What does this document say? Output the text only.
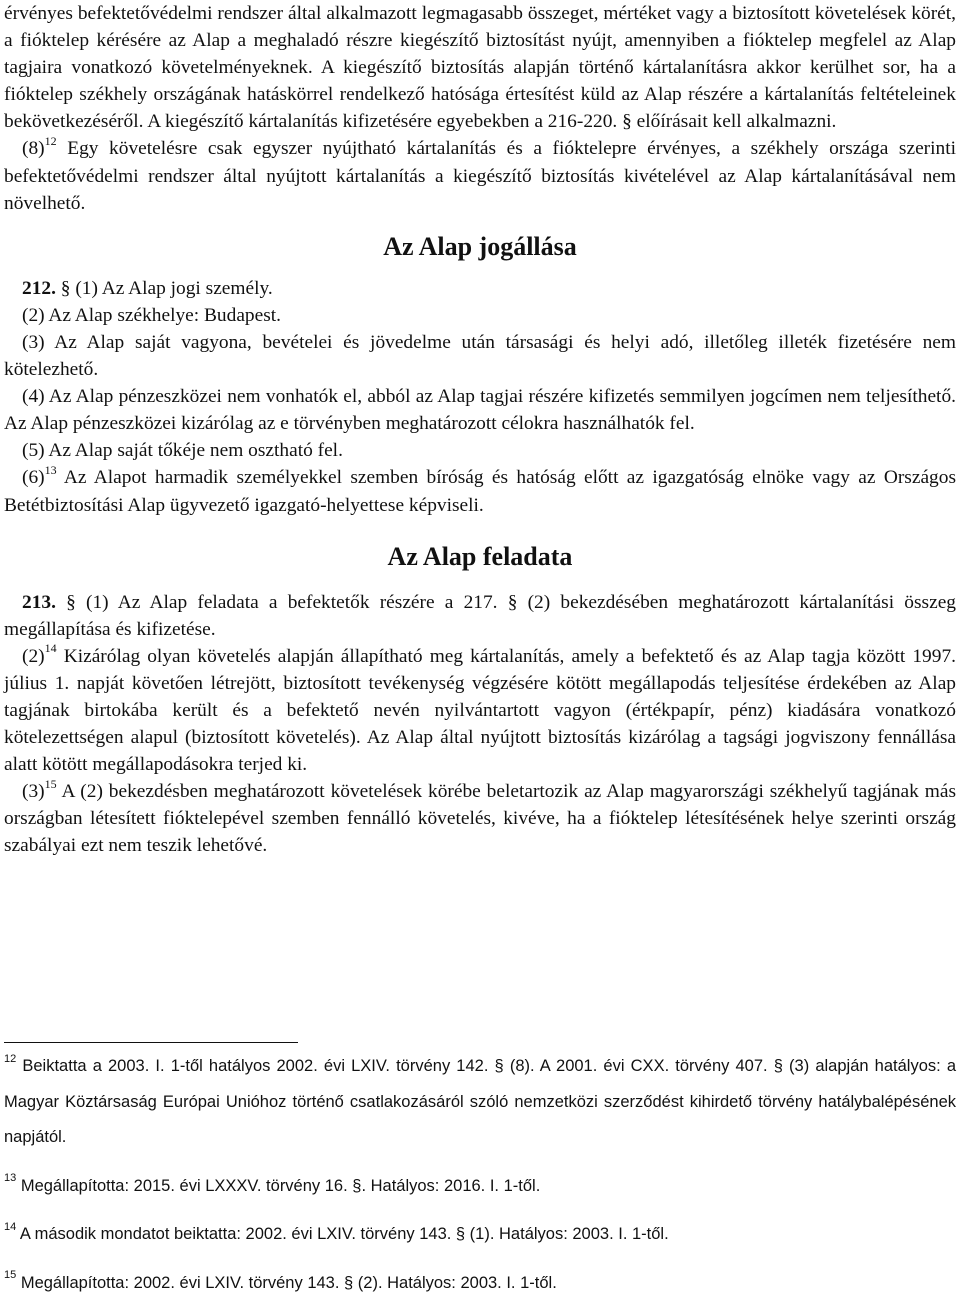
érvényes befektetővédelmi rendszer által alkalmazott legmagasabb összeget, mértéket vagy a biztosított követelések körét, a fióktelep kérésére az Alap a meghaladó részre kiegészítő biztosítást nyújt, amennyiben a fióktelep megfelel az Alap tagjaira vonatkozó követelményeknek. A kiegészítő biztosítás alapján történő kártalanításra akkor kerülhet sor, ha a fióktelep székhely országának hatáskörrel rendelkező hatósága értesítést küld az Alap részére a kártalanítás feltételeinek bekövetkezéséről. A kiegészítő kártalanítás kifizetésére egyebekben a 216-220. § előírásait kell alkalmazni.

$(8)^{12}$ Egy követelésre csak egyszer nyújtható kártalanítás és a fióktelepre érvényes, a székhely országa szerinti befektetővédelmi rendszer által nyújtott kártalanítás a kiegészítő biztosítás kivételével az Alap kártalanításával nem növelhető.

Az Alap jogállása

212. § (1) Az Alap jogi személy.

(2) Az Alap székhelye: Budapest.

(3) Az Alap saját vagyona, bevételei és jövedelme után társasági és helyi adó, illetőleg illeték fizetésére nem kötelezhető.

(4) Az Alap pénzeszközei nem vonhatók el, abból az Alap tagjai részére kifizetés semmilyen jogcímen nem teljesíthető. Az Alap pénzeszközei kizárólag az e törvényben meghatározott célokra használhatók fel.

(5) Az Alap saját tőkéje nem osztható fel.

$(6)^{13}$ Az Alapot harmadik személyekkel szemben bíróság és hatóság előtt az igazgatóság elnöke vagy az Országos Betétbiztosítási Alap ügyvezető igazgató-helyettese képviseli.

Az Alap feladata

213. § (1) Az Alap feladata a befektetők részére a 217. § (2) bekezdésében meghatározott kártalanítási összeg megállapítása és kifizetése.

$(2)^{14}$ Kizárólag olyan követelés alapján állapítható meg kártalanítás, amely a befektető és az Alap tagja között 1997. július 1. napját követően létrejött, biztosított tevékenység végzésére kötött megállapodás teljesítése érdekében az Alap tagjának birtokába került és a befektető nevén nyilvántartott vagyon (értékpapír, pénz) kiadására vonatkozó kötelezettségen alapul (biztosított követelés). Az Alap által nyújtott biztosítás kizárólag a tagsági jogviszony fennállása alatt kötött megállapodásokra terjed ki.

$(3)^{15}$ A (2) bekezdésben meghatározott követelések körébe beletartozik az Alap magyarországi székhelyű tagjának más országban létesített fióktelepével szemben fennálló követelés, kivéve, ha a fióktelep létesítésének helye szerinti ország szabályai ezt nem teszik lehetővé.

$^{12}$ Beiktatta a 2003. I. 1-től hatályos 2002. évi LXIV. törvény 142. § (8). A 2001. évi CXX. törvény 407. § (3) alapján hatályos: a Magyar Köztársaság Európai Unióhoz történő csatlakozásáról szóló nemzetközi szerződést kihirdető törvény hatálybalépésének napjától.

$^{13}$ Megállapította: 2015. évi LXXXV. törvény 16. §. Hatályos: 2016. I. 1-től.

$^{14}$ A második mondatot beiktatta: 2002. évi LXIV. törvény 143. § (1). Hatályos: 2003. I. 1-től.

$^{15}$ Megállapította: 2002. évi LXIV. törvény 143. § (2). Hatályos: 2003. I. 1-től.
